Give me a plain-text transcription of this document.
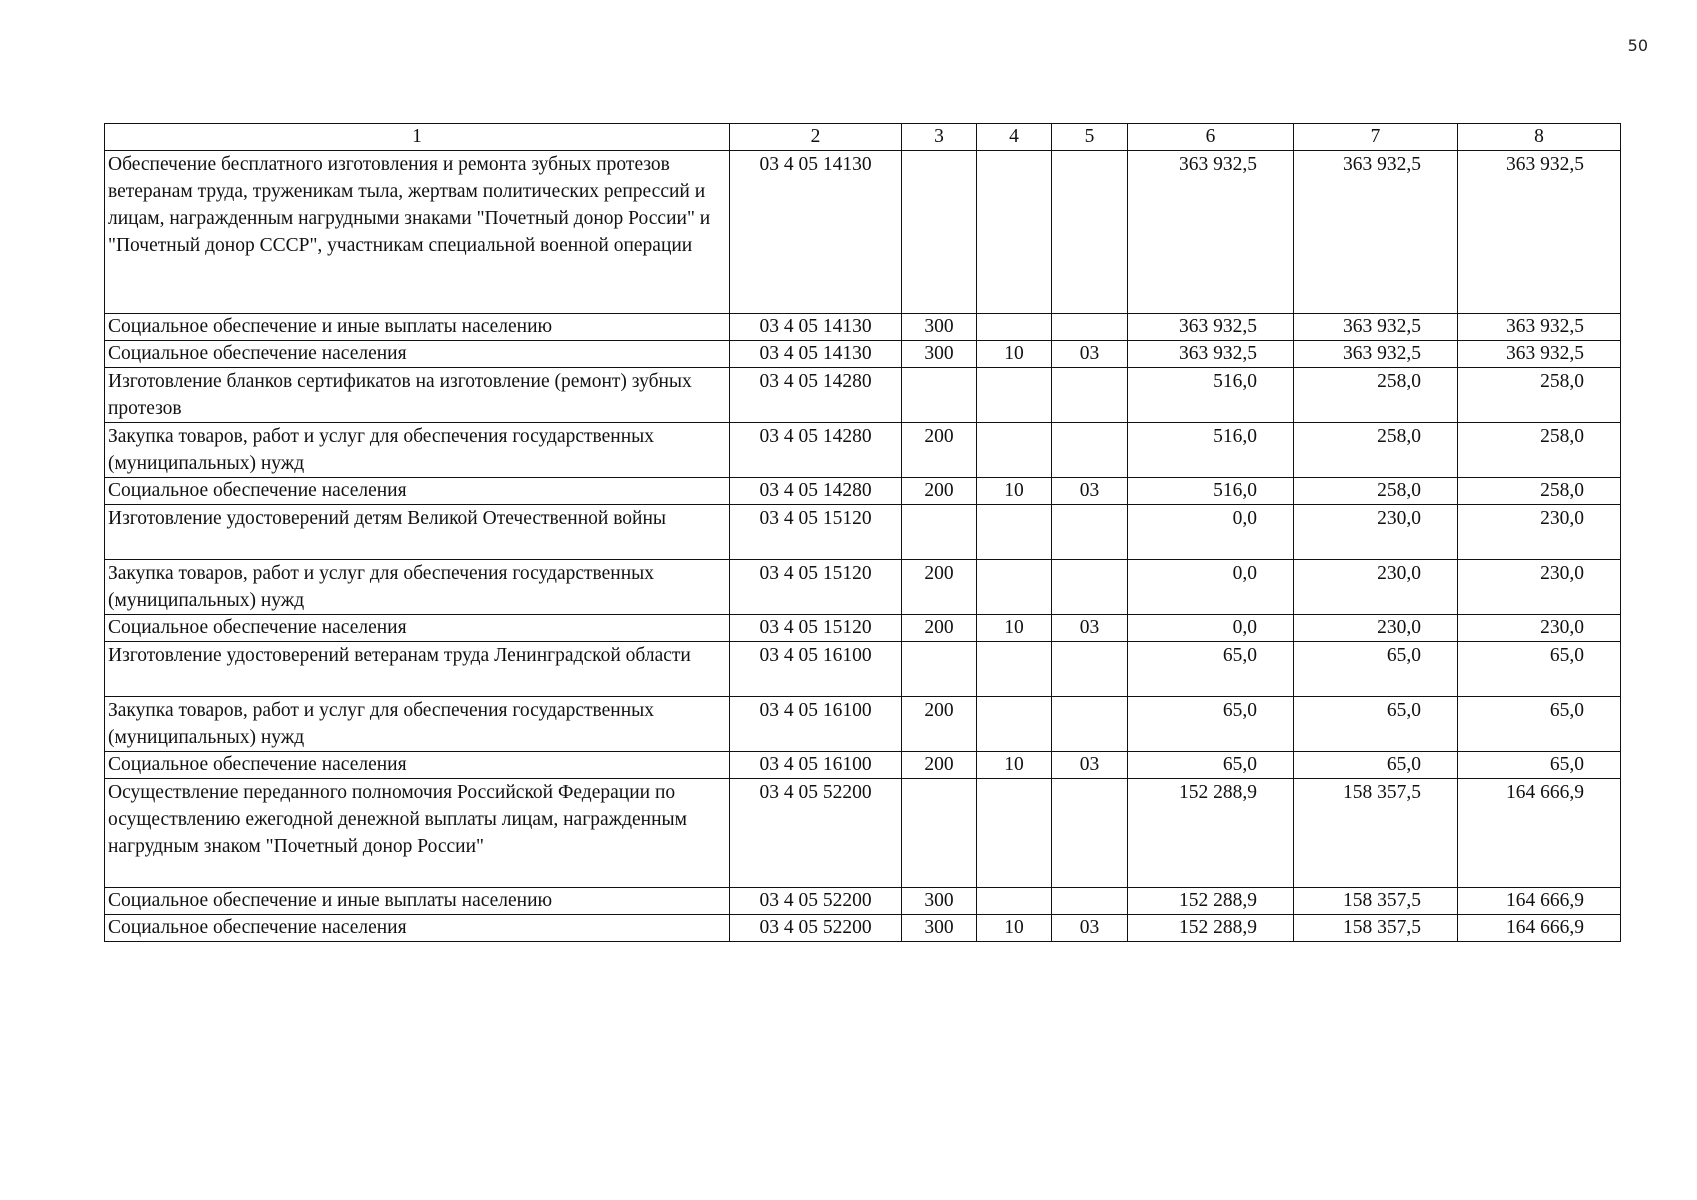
50
1	2	3	4	5	6	7	8
Обеспечение бесплатного изготовления и ремонта зубных протезов ветеранам труда, труженикам тыла, жертвам политических репрессий и лицам, награжденным нагрудными знаками "Почетный донор России" и "Почетный донор СССР", участникам специальной военной операции	03 4 05 14130				363 932,5	363 932,5	363 932,5
Социальное обеспечение и иные выплаты населению	03 4 05 14130	300			363 932,5	363 932,5	363 932,5
Социальное обеспечение населения	03 4 05 14130	300	10	03	363 932,5	363 932,5	363 932,5
Изготовление бланков сертификатов на изготовление (ремонт) зубных протезов	03 4 05 14280				516,0	258,0	258,0
Закупка товаров, работ и услуг для обеспечения государственных (муниципальных) нужд	03 4 05 14280	200			516,0	258,0	258,0
Социальное обеспечение населения	03 4 05 14280	200	10	03	516,0	258,0	258,0
Изготовление удостоверений детям Великой Отечественной войны	03 4 05 15120				0,0	230,0	230,0
Закупка товаров, работ и услуг для обеспечения государственных (муниципальных) нужд	03 4 05 15120	200			0,0	230,0	230,0
Социальное обеспечение населения	03 4 05 15120	200	10	03	0,0	230,0	230,0
Изготовление удостоверений ветеранам труда Ленинградской области	03 4 05 16100				65,0	65,0	65,0
Закупка товаров, работ и услуг для обеспечения государственных (муниципальных) нужд	03 4 05 16100	200			65,0	65,0	65,0
Социальное обеспечение населения	03 4 05 16100	200	10	03	65,0	65,0	65,0
Осуществление переданного полномочия Российской Федерации по осуществлению ежегодной денежной выплаты лицам, награжденным нагрудным знаком "Почетный донор России"	03 4 05 52200				152 288,9	158 357,5	164 666,9
Социальное обеспечение и иные выплаты населению	03 4 05 52200	300			152 288,9	158 357,5	164 666,9
Социальное обеспечение населения	03 4 05 52200	300	10	03	152 288,9	158 357,5	164 666,9
